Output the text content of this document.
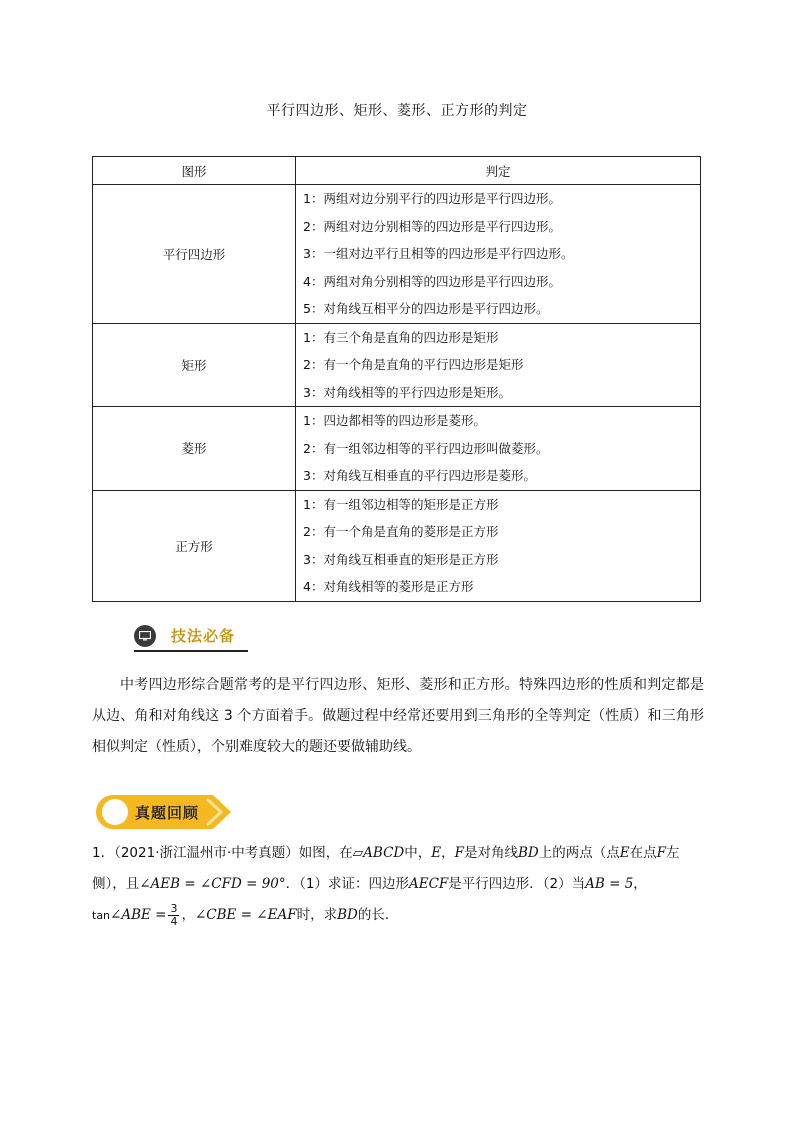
平行四边形、矩形、菱形、正方形的判定
图形	判定
平行四边形	1：两组对边分别平行的四边形是平行四边形。
2：两组对边分别相等的四边形是平行四边形。
3：一组对边平行且相等的四边形是平行四边形。
4：两组对角分别相等的四边形是平行四边形。
5：对角线互相平分的四边形是平行四边形。

矩形	1：有三个角是直角的四边形是矩形
2：有一个角是直角的平行四边形是矩形
3：对角线相等的平行四边形是矩形。

菱形	1：四边都相等的四边形是菱形。
2：有一组邻边相等的平行四边形叫做菱形。
3：对角线互相垂直的平行四边形是菱形。

正方形	1：有一组邻边相等的矩形是正方形
2：有一个角是直角的菱形是正方形
3：对角线互相垂直的矩形是正方形
4：对角线相等的菱形是正方形
技法必备
中考四边形综合题常考的是平行四边形、矩形、菱形和正方形。特殊四边形的性质和判定都是从边、角和对角线这 3 个方面着手。做题过程中经常还要用到三角形的全等判定（性质）和三角形相似判定（性质），个别难度较大的题还要做辅助线。
真题回顾
1．（2021·浙江温州市·中考真题）如图，在▱ABCD中，E，F是对角线BD上的两点（点E在点F左侧），且∠AEB = ∠CFD = 90°．（1）求证：四边形AECF是平行四边形．（2）当AB = 5，
tan∠ABE = $\frac{3}{4}$ ，∠CBE = ∠EAF时，求BD的长．
